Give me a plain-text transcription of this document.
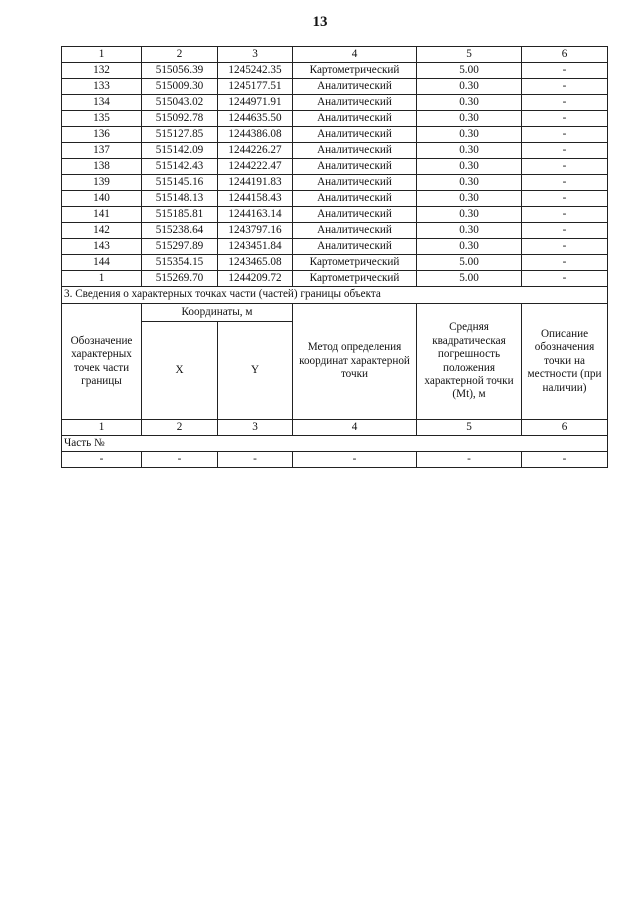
13
1	2	3	4	5	6
132	515056.39	1245242.35	Картометрический	5.00	-
133	515009.30	1245177.51	Аналитический	0.30	-
134	515043.02	1244971.91	Аналитический	0.30	-
135	515092.78	1244635.50	Аналитический	0.30	-
136	515127.85	1244386.08	Аналитический	0.30	-
137	515142.09	1244226.27	Аналитический	0.30	-
138	515142.43	1244222.47	Аналитический	0.30	-
139	515145.16	1244191.83	Аналитический	0.30	-
140	515148.13	1244158.43	Аналитический	0.30	-
141	515185.81	1244163.14	Аналитический	0.30	-
142	515238.64	1243797.16	Аналитический	0.30	-
143	515297.89	1243451.84	Аналитический	0.30	-
144	515354.15	1243465.08	Картометрический	5.00	-
1	515269.70	1244209.72	Картометрический	5.00	-
3. Сведения о характерных точках части (частей) границы объекта					
Обозначение характерных точек части границы	Координаты, м		Метод определения координат характерной точки	Средняя квадратическая погрешность положения характерной точки (Mt), м	Описание обозначения точки на местности (при наличии)
	X	Y			
1	2	3	4	5	6
Часть №					
-	-	-	-	-	-
